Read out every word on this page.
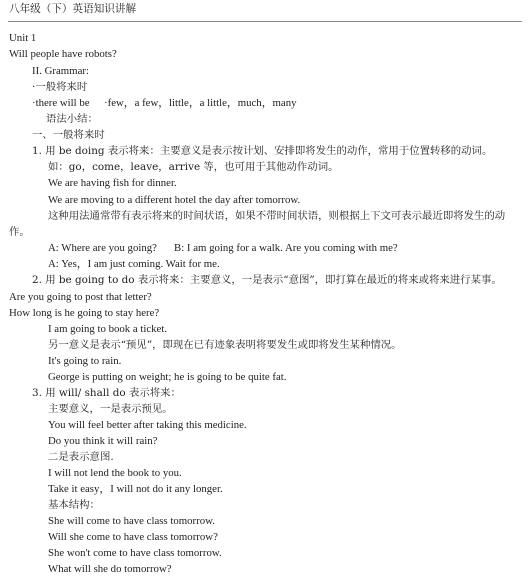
八年级（下）英语知识讲解
Unit 1
Will people have robots?
II. Grammar:
·一般将来时
·there will be ·few，a few，little，a little，much，many
语法小结：
一、一般将来时
1. 用 be doing 表示将来：主要意义是表示按计划、安排即将发生的动作，常用于位置转移的动词。
如：go，come，leave，arrive 等，也可用于其他动作动词。
We are having fish for dinner.
We are moving to a different hotel the day after tomorrow.
这种用法通常带有表示将来的时间状语，如果不带时间状语，则根据上下文可表示最近即将发生的动
作。
A: Where are you going? B: I am going for a walk. Are you coming with me?
A: Yes，I am just coming. Wait for me.
2. 用 be going to do 表示将来：主要意义，一是表示“意图”，即打算在最近的将来或将来进行某事。
Are you going to post that letter?
How long is he going to stay here?
I am going to book a ticket.
另一意义是表示“预见”，即现在已有迹象表明将要发生或即将发生某种情况。
It's going to rain.
George is putting on weight; he is going to be quite fat.
3. 用 will/ shall do 表示将来：
主要意义，一是表示预见。
You will feel better after taking this medicine.
Do you think it will rain?
二是表示意图.
I will not lend the book to you.
Take it easy，I will not do it any longer.
基本结构：
She will come to have class tomorrow.
Will she come to have class tomorrow?
She won't come to have class tomorrow.
What will she do tomorrow?
